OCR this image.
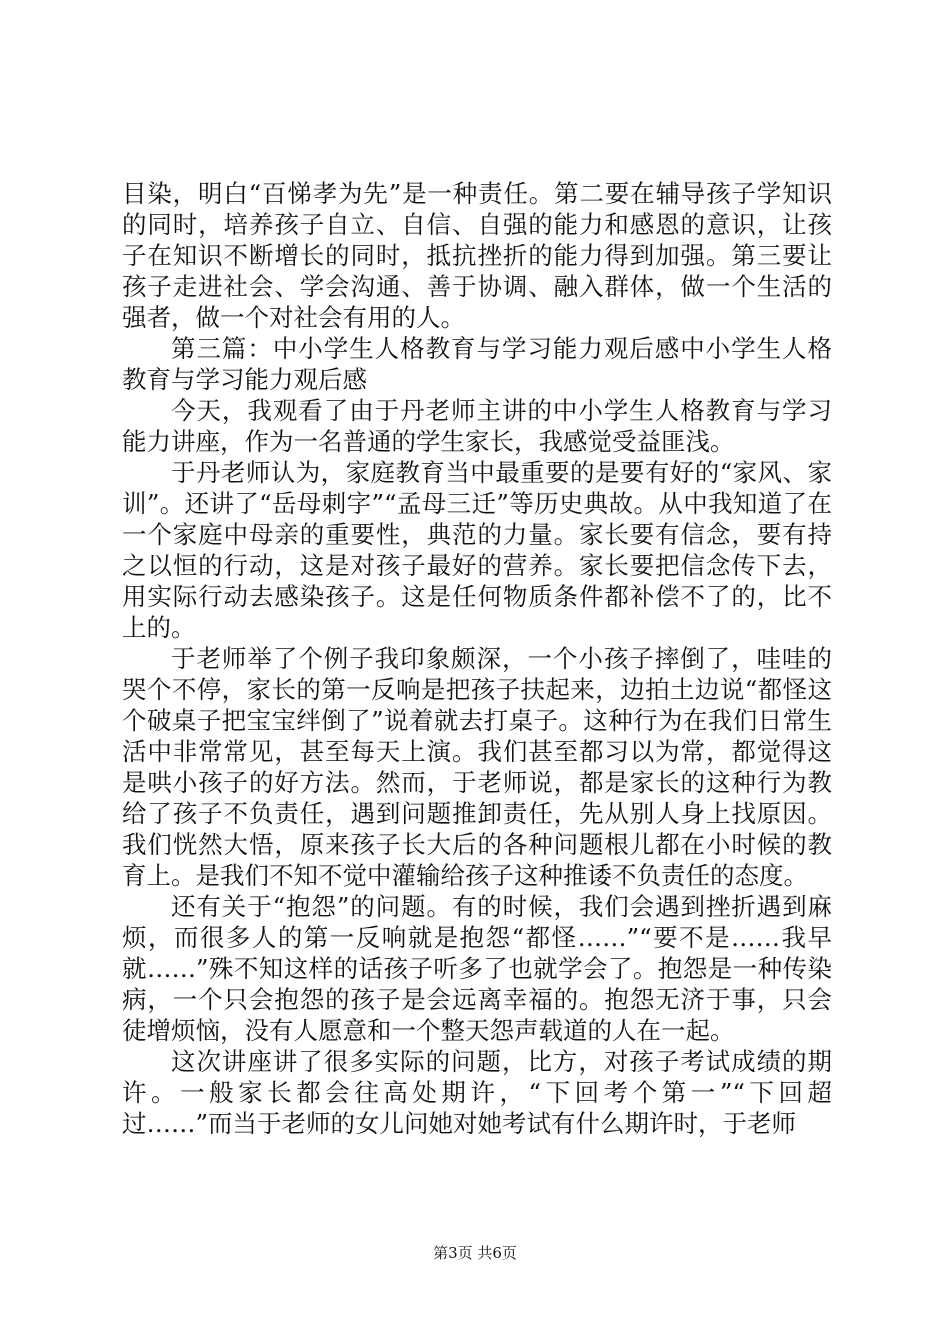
目染，明白“百悌孝为先”是一种责任。第二要在辅导孩子学知识的同时，培养孩子自立、自信、自强的能力和感恩的意识，让孩子在知识不断增长的同时，抵抗挫折的能力得到加强。第三要让孩子走进社会、学会沟通、善于协调、融入群体，做一个生活的强者，做一个对社会有用的人。

第三篇：中小学生人格教育与学习能力观后感中小学生人格教育与学习能力观后感

今天，我观看了由于丹老师主讲的中小学生人格教育与学习能力讲座，作为一名普通的学生家长，我感觉受益匪浅。

于丹老师认为，家庭教育当中最重要的是要有好的“家风、家训”。还讲了“岳母刺字”“孟母三迁”等历史典故。从中我知道了在一个家庭中母亲的重要性，典范的力量。家长要有信念，要有持之以恒的行动，这是对孩子最好的营养。家长要把信念传下去，用实际行动去感染孩子。这是任何物质条件都补偿不了的，比不上的。

于老师举了个例子我印象颇深，一个小孩子摔倒了，哇哇的哭个不停，家长的第一反响是把孩子扶起来，边拍土边说“都怪这个破桌子把宝宝绊倒了”说着就去打桌子。这种行为在我们日常生活中非常常见，甚至每天上演。我们甚至都习以为常，都觉得这是哄小孩子的好方法。然而，于老师说，都是家长的这种行为教给了孩子不负责任，遇到问题推卸责任，先从别人身上找原因。我们恍然大悟，原来孩子长大后的各种问题根儿都在小时候的教育上。是我们不知不觉中灌输给孩子这种推诿不负责任的态度。

还有关于“抱怨”的问题。有的时候，我们会遇到挫折遇到麻烦，而很多人的第一反响就是抱怨“都怪……”“要不是……我早就……”殊不知这样的话孩子听多了也就学会了。抱怨是一种传染病，一个只会抱怨的孩子是会远离幸福的。抱怨无济于事，只会徒增烦恼，没有人愿意和一个整天怨声载道的人在一起。

这次讲座讲了很多实际的问题，比方，对孩子考试成绩的期许。一般家长都会往高处期许，“下回考个第一”“下回超过……”而当于老师的女儿问她对她考试有什么期许时，于老师

第3页 共6页
